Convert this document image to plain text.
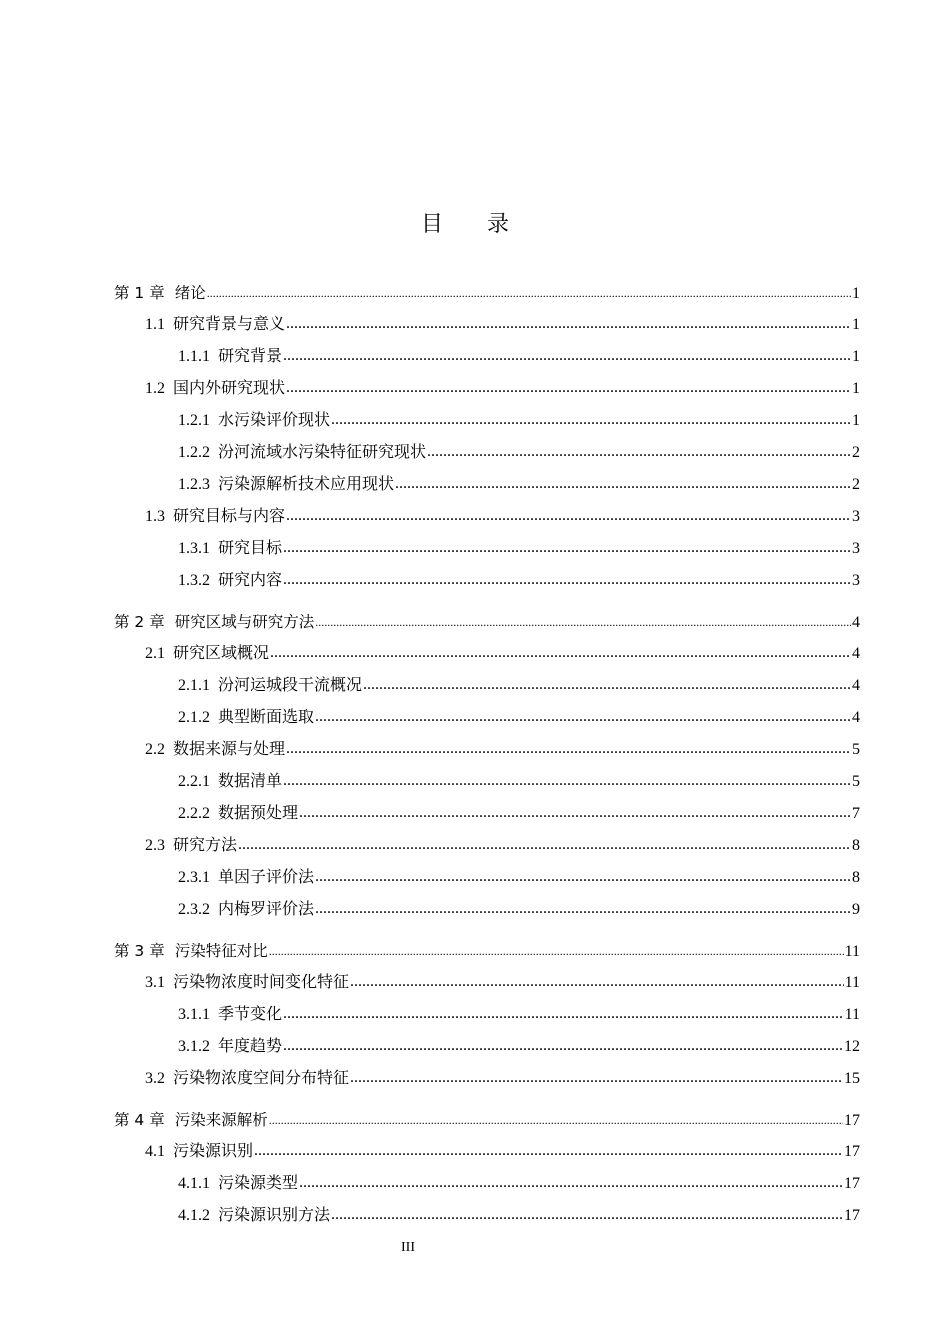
目录
第 1 章 绪论 .....	1
1.1 研究背景与意义 .....	1
1.1.1 研究背景 .....	1
1.2 国内外研究现状 .....	1
1.2.1 水污染评价现状 .....	1
1.2.2 汾河流域水污染特征研究现状 .....	2
1.2.3 污染源解析技术应用现状 .....	2
1.3 研究目标与内容 .....	3
1.3.1 研究目标 .....	3
1.3.2 研究内容 .....	3
第 2 章 研究区域与研究方法 .....	4
2.1 研究区域概况 .....	4
2.1.1 汾河运城段干流概况 .....	4
2.1.2 典型断面选取 .....	4
2.2 数据来源与处理 .....	5
2.2.1 数据清单 .....	5
2.2.2 数据预处理 .....	7
2.3 研究方法 .....	8
2.3.1 单因子评价法 .....	8
2.3.2 内梅罗评价法 .....	9
第 3 章 污染特征对比 .....	11
3.1 污染物浓度时间变化特征 .....	11
3.1.1 季节变化 .....	11
3.1.2 年度趋势 .....	12
3.2 污染物浓度空间分布特征 .....	15
第 4 章 污染来源解析 .....	17
4.1 污染源识别 .....	17
4.1.1 污染源类型 .....	17
4.1.2 污染源识别方法 .....	17
III
